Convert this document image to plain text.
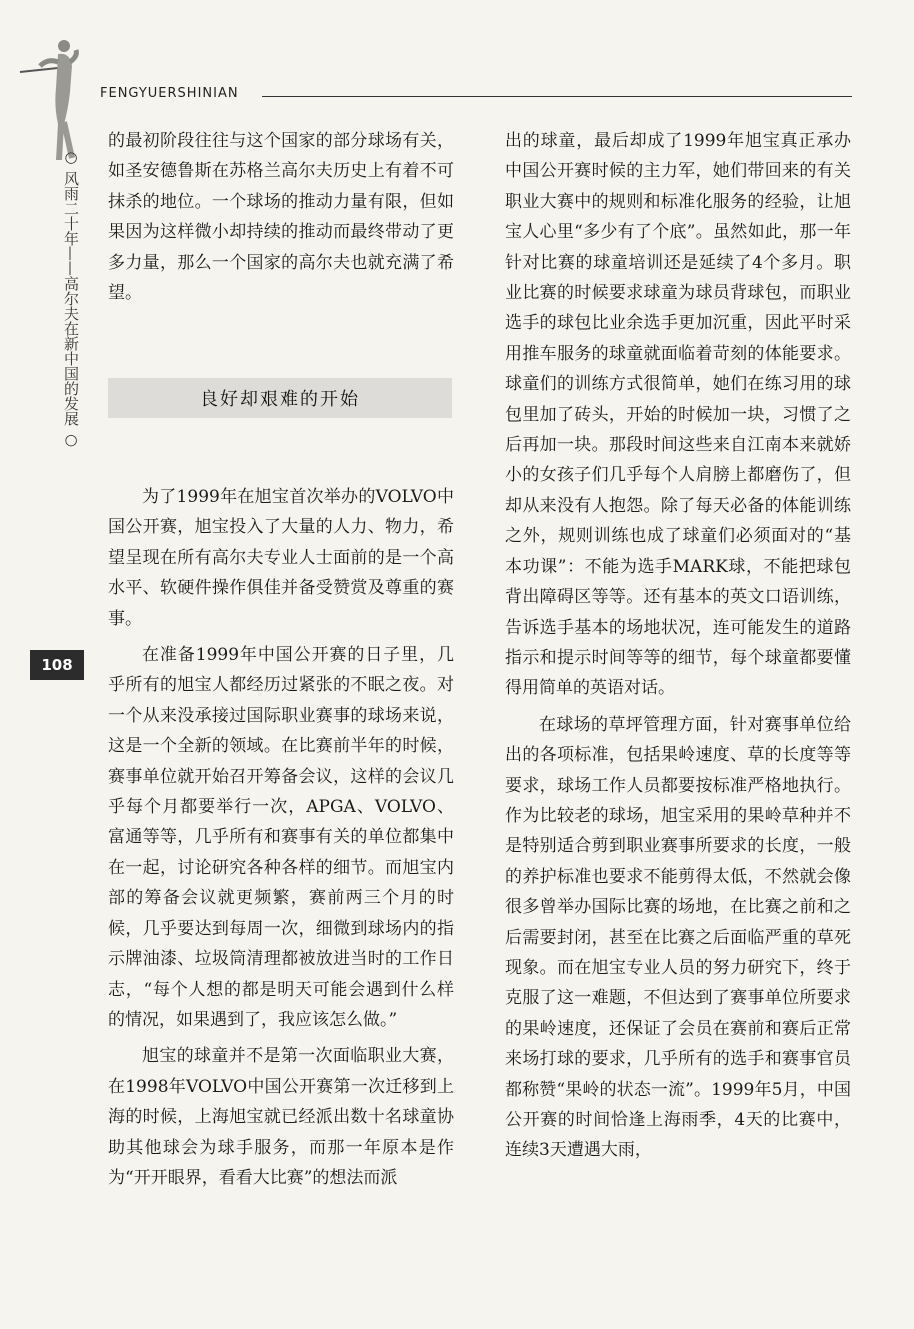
FENGYUERSHINIAN
○ 风雨二十年——高尔夫在新中国的发展 ○
108

的最初阶段往往与这个国家的部分球场有关，如圣安德鲁斯在苏格兰高尔夫历史上有着不可抹杀的地位。一个球场的推动力量有限，但如果因为这样微小却持续的推动而最终带动了更多力量，那么一个国家的高尔夫也就充满了希望。

良好却艰难的开始

为了1999年在旭宝首次举办的VOLVO中国公开赛，旭宝投入了大量的人力、物力，希望呈现在所有高尔夫专业人士面前的是一个高水平、软硬件操作俱佳并备受赞赏及尊重的赛事。

在准备1999年中国公开赛的日子里，几乎所有的旭宝人都经历过紧张的不眠之夜。对一个从来没承接过国际职业赛事的球场来说，这是一个全新的领域。在比赛前半年的时候，赛事单位就开始召开筹备会议，这样的会议几乎每个月都要举行一次，APGA、VOLVO、富通等等，几乎所有和赛事有关的单位都集中在一起，讨论研究各种各样的细节。而旭宝内部的筹备会议就更频繁，赛前两三个月的时候，几乎要达到每周一次，细微到球场内的指示牌油漆、垃圾筒清理都被放进当时的工作日志，“每个人想的都是明天可能会遇到什么样的情况，如果遇到了，我应该怎么做。”

旭宝的球童并不是第一次面临职业大赛，在1998年VOLVO中国公开赛第一次迁移到上海的时候，上海旭宝就已经派出数十名球童协助其他球会为球手服务，而那一年原本是作为“开开眼界，看看大比赛”的想法而派

出的球童，最后却成了1999年旭宝真正承办中国公开赛时候的主力军，她们带回来的有关职业大赛中的规则和标准化服务的经验，让旭宝人心里“多少有了个底”。虽然如此，那一年针对比赛的球童培训还是延续了4个多月。职业比赛的时候要求球童为球员背球包，而职业选手的球包比业余选手更加沉重，因此平时采用推车服务的球童就面临着苛刻的体能要求。球童们的训练方式很简单，她们在练习用的球包里加了砖头，开始的时候加一块，习惯了之后再加一块。那段时间这些来自江南本来就娇小的女孩子们几乎每个人肩膀上都磨伤了，但却从来没有人抱怨。除了每天必备的体能训练之外，规则训练也成了球童们必须面对的“基本功课”：不能为选手MARK球，不能把球包背出障碍区等等。还有基本的英文口语训练，告诉选手基本的场地状况，连可能发生的道路指示和提示时间等等的细节，每个球童都要懂得用简单的英语对话。

在球场的草坪管理方面，针对赛事单位给出的各项标准，包括果岭速度、草的长度等等要求，球场工作人员都要按标准严格地执行。作为比较老的球场，旭宝采用的果岭草种并不是特别适合剪到职业赛事所要求的长度，一般的养护标准也要求不能剪得太低，不然就会像很多曾举办国际比赛的场地，在比赛之前和之后需要封闭，甚至在比赛之后面临严重的草死现象。而在旭宝专业人员的努力研究下，终于克服了这一难题，不但达到了赛事单位所要求的果岭速度，还保证了会员在赛前和赛后正常来场打球的要求，几乎所有的选手和赛事官员都称赞“果岭的状态一流”。1999年5月，中国公开赛的时间恰逢上海雨季，4天的比赛中，连续3天遭遇大雨，
